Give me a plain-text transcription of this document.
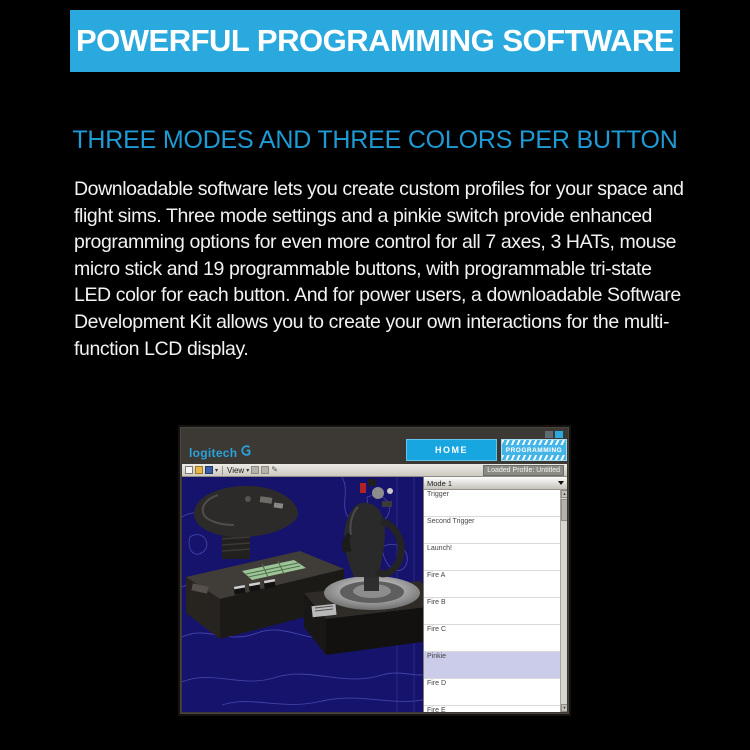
POWERFUL PROGRAMMING SOFTWARE
THREE MODES AND THREE COLORS PER BUTTON
Downloadable software lets you create custom profiles for your space and
flight sims. Three mode settings and a pinkie switch provide enhanced
programming options for even more control for all 7 axes, 3 HATs, mouse
micro stick and 19 programmable buttons, with programmable tri-state
LED color for each button. And for power users, a downloadable Software
Development Kit allows you to create your own interactions for the multi-
function LCD display.
logitech	HOME	PROGRAMMING
▾ View ▾	✎	Loaded Profile: Untitled
Mode 1
Trigger
Second Trigger
Launch!
Fire A
Fire B
Fire C
Pinkie
Fire D
Fire E
▲
▼
